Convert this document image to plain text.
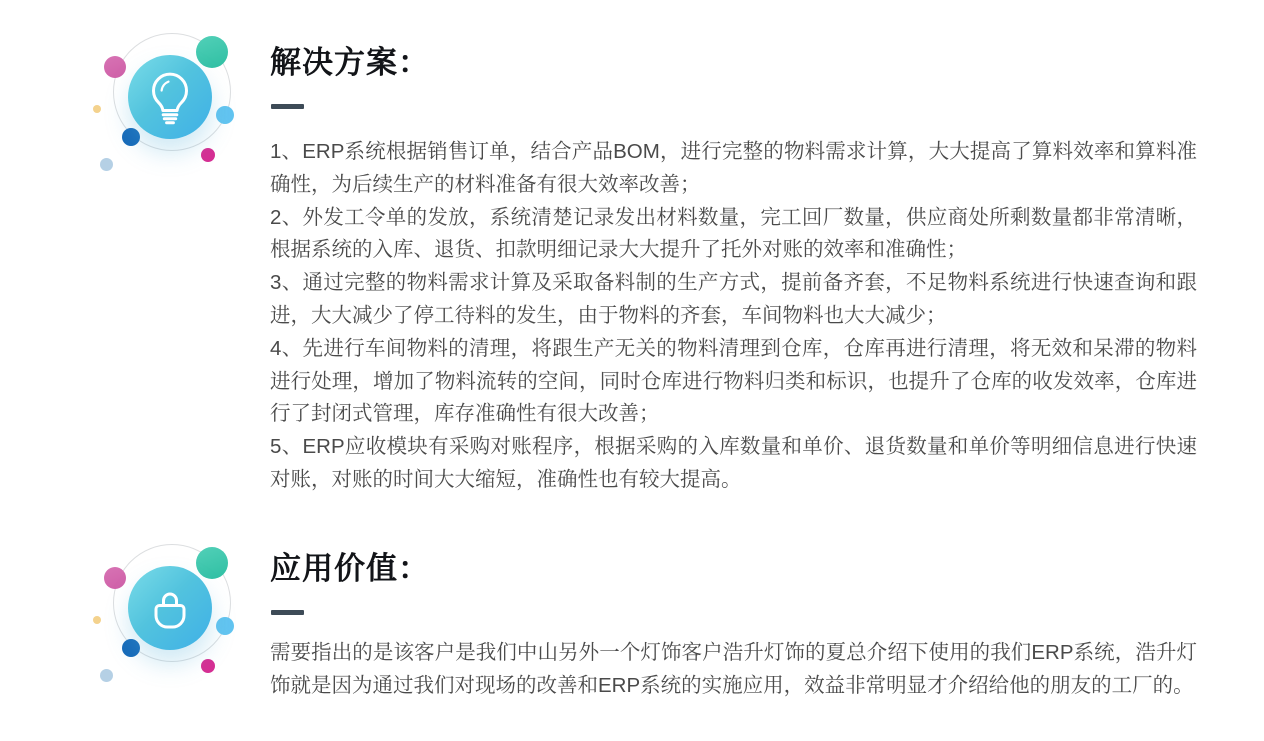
解决方案：

1、ERP系统根据销售订单，结合产品BOM，进行完整的物料需求计算，大大提高了算料效率和算料准确性，为后续生产的材料准备有很大效率改善；

2、外发工令单的发放，系统清楚记录发出材料数量，完工回厂数量，供应商处所剩数量都非常清晰，根据系统的入库、退货、扣款明细记录大大提升了托外对账的效率和准确性；

3、通过完整的物料需求计算及采取备料制的生产方式，提前备齐套，不足物料系统进行快速查询和跟进，大大减少了停工待料的发生，由于物料的齐套，车间物料也大大减少；

4、先进行车间物料的清理，将跟生产无关的物料清理到仓库，仓库再进行清理，将无效和呆滞的物料进行处理，增加了物料流转的空间，同时仓库进行物料归类和标识，也提升了仓库的收发效率，仓库进行了封闭式管理，库存准确性有很大改善；

5、ERP应收模块有采购对账程序，根据采购的入库数量和单价、退货数量和单价等明细信息进行快速对账，对账的时间大大缩短，准确性也有较大提高。

应用价值：

需要指出的是该客户是我们中山另外一个灯饰客户浩升灯饰的夏总介绍下使用的我们ERP系统，浩升灯饰就是因为通过我们对现场的改善和ERP系统的实施应用，效益非常明显才介绍给他的朋友的工厂的。
